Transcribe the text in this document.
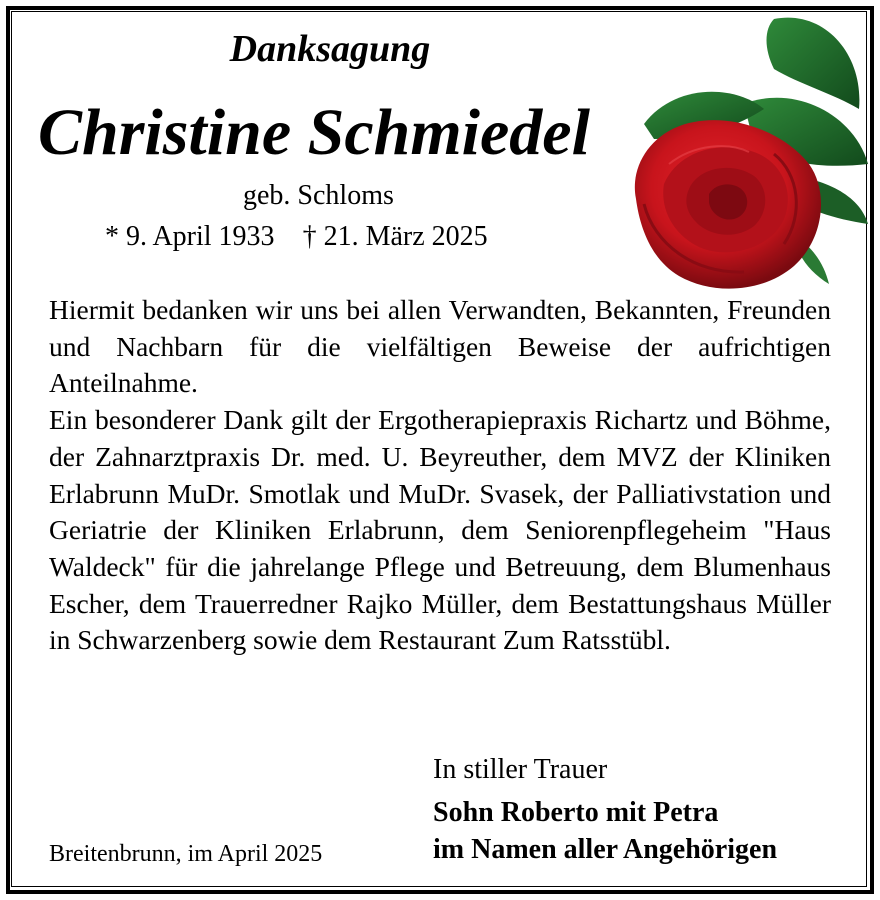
Danksagung
Christine Schmiedel
geb. Schloms
* 9. April 1933 † 21. März 2025

Hiermit bedanken wir uns bei allen Verwandten, Bekannten, Freunden und Nachbarn für die vielfältigen Beweise der aufrichtigen Anteilnahme.

Ein besonderer Dank gilt der Ergotherapiepraxis Richartz und Böhme, der Zahnarztpraxis Dr. med. U. Beyreuther, dem MVZ der Kliniken Erlabrunn MuDr. Smotlak und MuDr. Svasek, der Palliativstation und Geriatrie der Kliniken Erlabrunn, dem Seniorenpflegeheim "Haus Waldeck" für die jahrelange Pflege und Betreuung, dem Blumenhaus Escher, dem Trauerredner Rajko Müller, dem Bestattungshaus Müller in Schwarzenberg sowie dem Restaurant Zum Ratsstübl.

In stiller Trauer
Sohn Roberto mit Petra
im Namen aller Angehörigen
Breitenbrunn, im April 2025
